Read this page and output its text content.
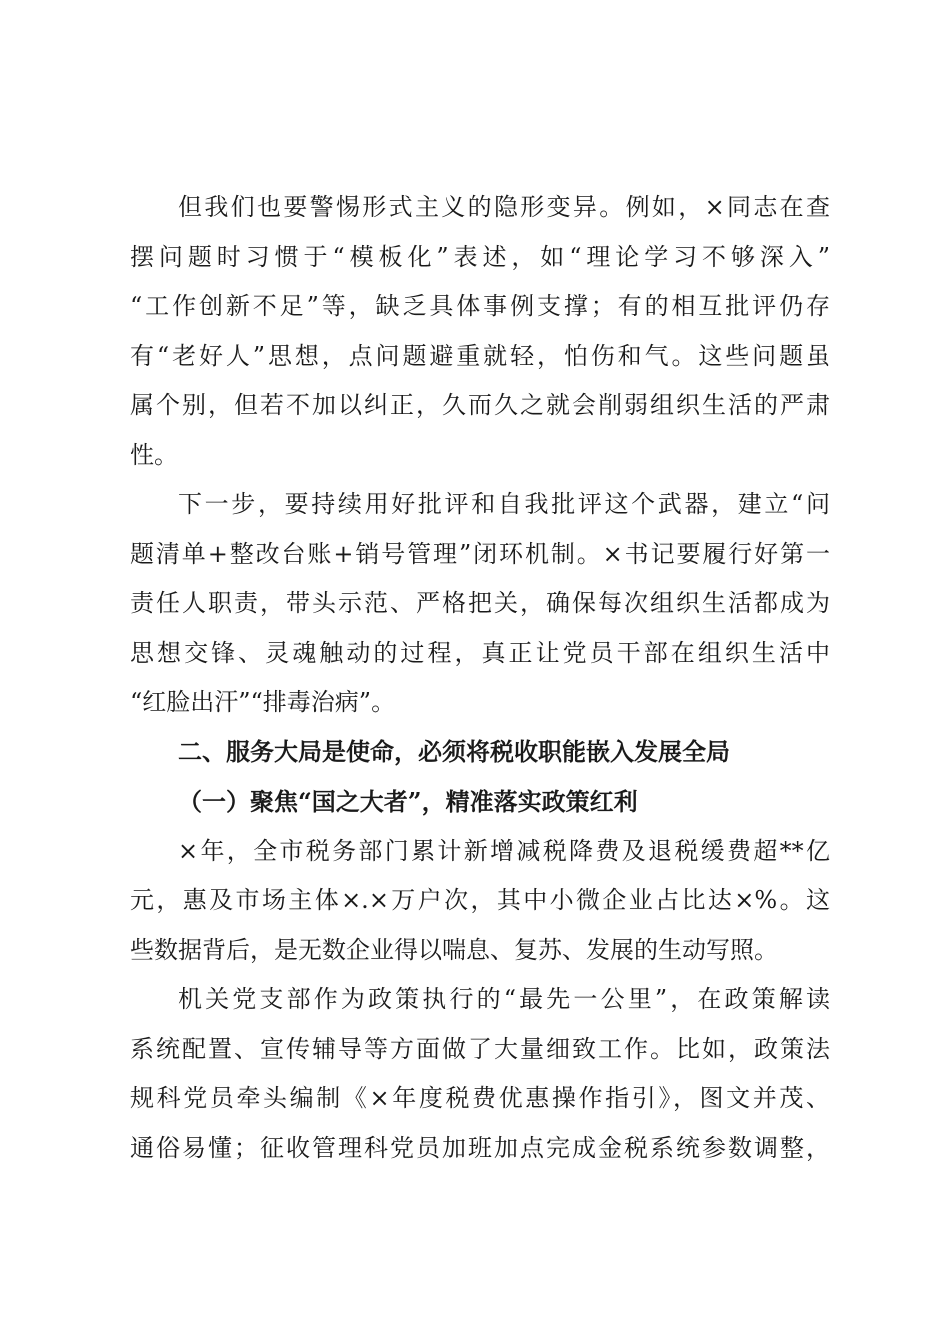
但我们也要警惕形式主义的隐形变异。例如，×同志在查
摆问题时习惯于“模板化”表述，如“理论学习不够深入”
“工作创新不足”等，缺乏具体事例支撑；有的相互批评仍存
有“老好人”思想，点问题避重就轻，怕伤和气。这些问题虽
属个别，但若不加以纠正，久而久之就会削弱组织生活的严肃
性。
下一步，要持续用好批评和自我批评这个武器，建立“问
题清单+整改台账+销号管理”闭环机制。×书记要履行好第一
责任人职责，带头示范、严格把关，确保每次组织生活都成为
思想交锋、灵魂触动的过程，真正让党员干部在组织生活中
“红脸出汗”“排毒治病”。
二、服务大局是使命，必须将税收职能嵌入发展全局
（一）聚焦“国之大者”，精准落实政策红利
×年，全市税务部门累计新增减税降费及退税缓费超**亿
元，惠及市场主体×.×万户次，其中小微企业占比达×%。这
些数据背后，是无数企业得以喘息、复苏、发展的生动写照。
机关党支部作为政策执行的“最先一公里”，在政策解读
系统配置、宣传辅导等方面做了大量细致工作。比如，政策法
规科党员牵头编制《×年度税费优惠操作指引》，图文并茂、
通俗易懂；征收管理科党员加班加点完成金税系统参数调整，
